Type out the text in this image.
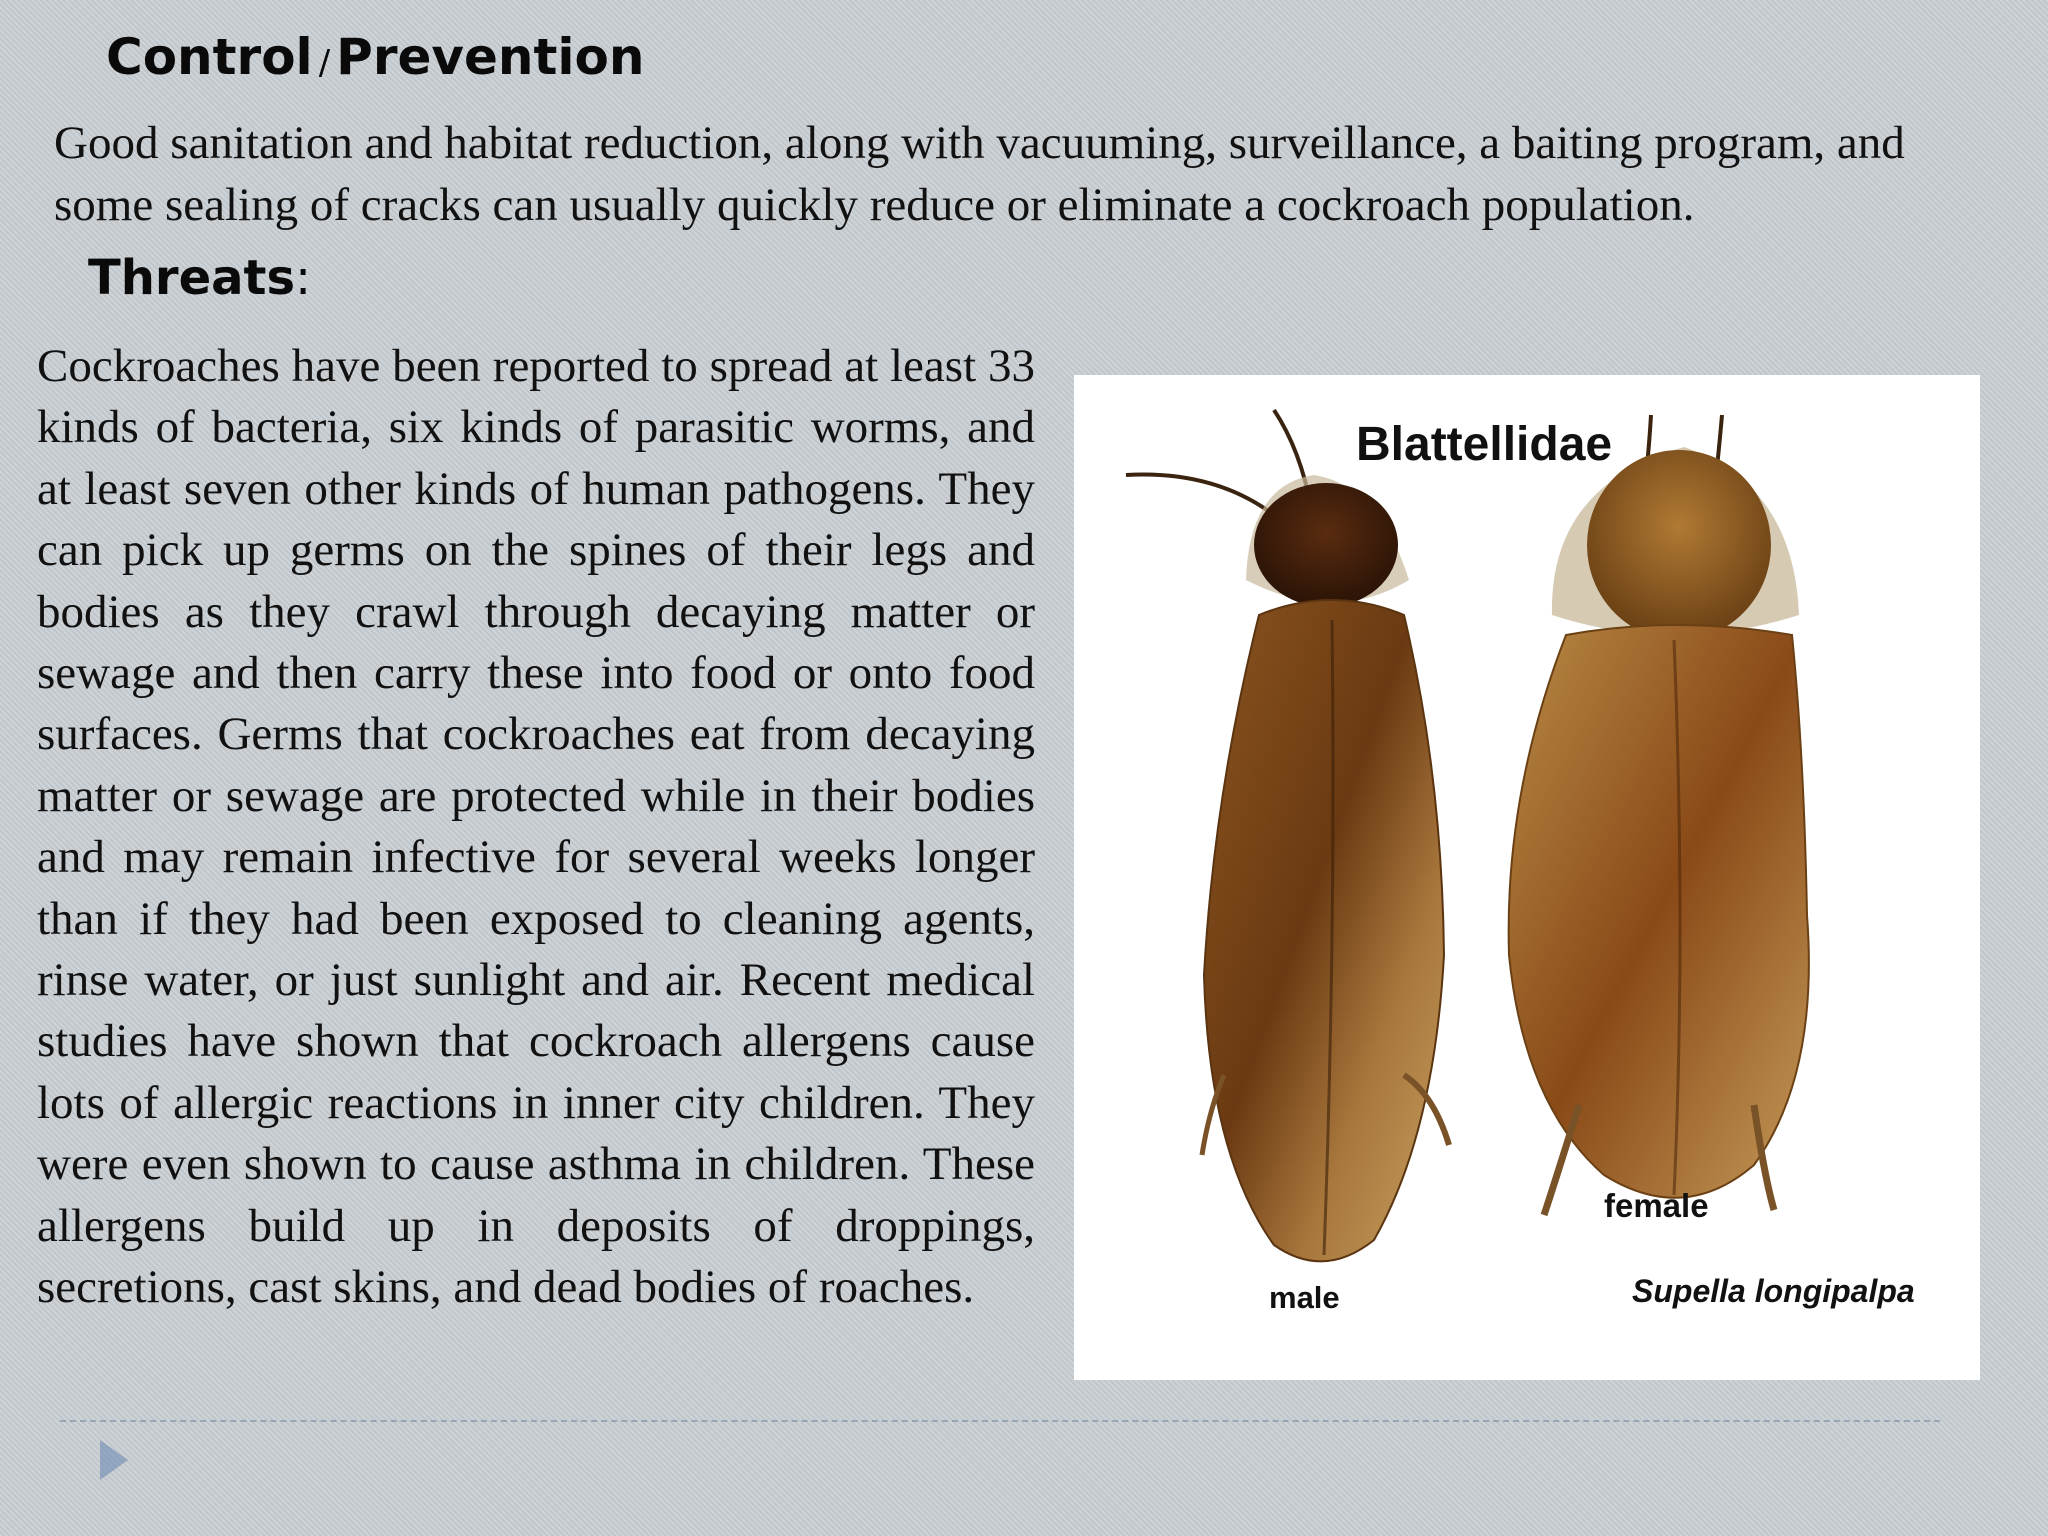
Control / Prevention

Good sanitation and habitat reduction, along with vacuuming, surveillance, a baiting program, and some sealing of cracks can usually quickly reduce or eliminate a cockroach population.

Threats:

Cockroaches have been reported to spread at least 33 kinds of bacteria, six kinds of parasitic worms, and at least seven other kinds of human pathogens. They can pick up germs on the spines of their legs and bodies as they crawl through decaying matter or sewage and then carry these into food or onto food surfaces. Germs that cockroaches eat from decaying matter or sewage are protected while in their bodies and may remain infective for several weeks longer than if they had been exposed to cleaning agents, rinse water, or just sunlight and air. Recent medical studies have shown that cockroach allergens cause lots of allergic reactions in inner city children. They were even shown to cause asthma in children. These allergens build up in deposits of droppings, secretions, cast skins, and dead bodies of roaches.

Blattellidae
male
female
Supella longipalpa
